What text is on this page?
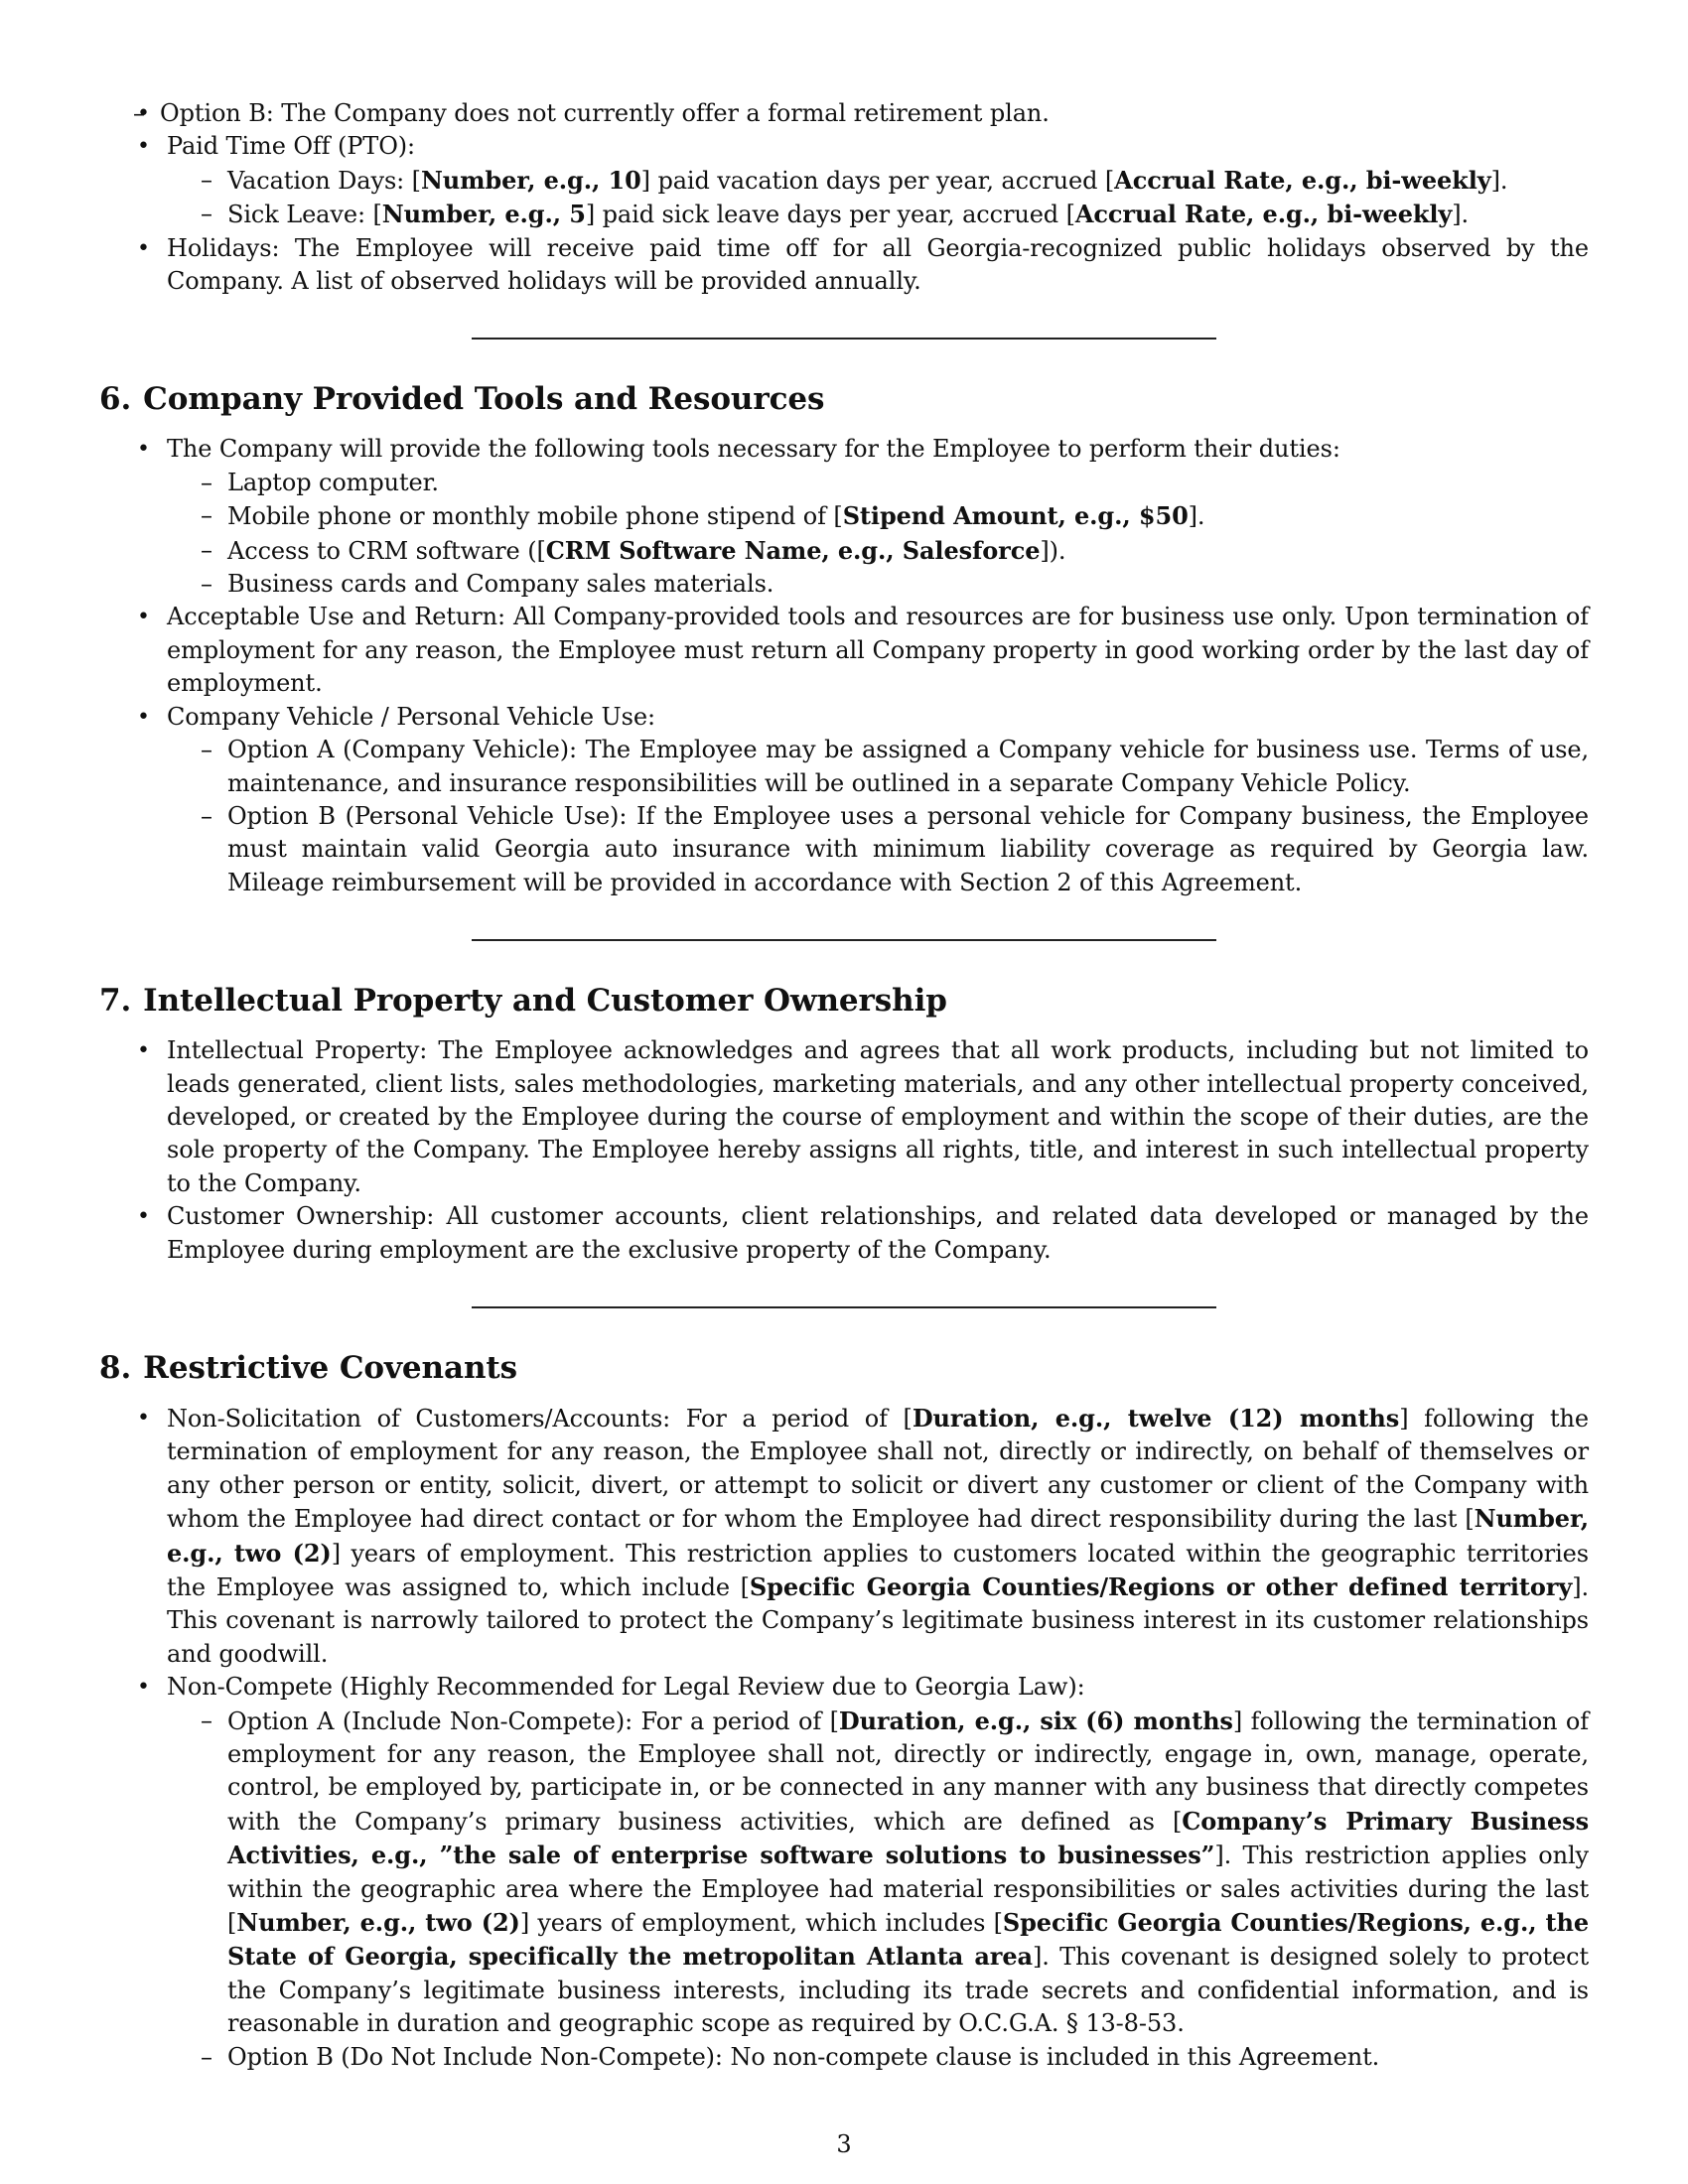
– • Option B: The Company does not currently offer a formal retirement plan.
• Paid Time Off (PTO):
– Vacation Days: [Number, e.g., 10] paid vacation days per year, accrued [Accrual Rate, e.g., bi-weekly].
– Sick Leave: [Number, e.g., 5] paid sick leave days per year, accrued [Accrual Rate, e.g., bi-weekly].
• Holidays: The Employee will receive paid time off for all Georgia-recognized public holidays observed by the Company. A list of observed holidays will be provided annually.
6. Company Provided Tools and Resources
• The Company will provide the following tools necessary for the Employee to perform their duties:
– Laptop computer.
– Mobile phone or monthly mobile phone stipend of [Stipend Amount, e.g., $50].
– Access to CRM software ([CRM Software Name, e.g., Salesforce]).
– Business cards and Company sales materials.
• Acceptable Use and Return: All Company-provided tools and resources are for business use only. Upon termination of employment for any reason, the Employee must return all Company property in good working order by the last day of employment.
• Company Vehicle / Personal Vehicle Use:
– Option A (Company Vehicle): The Employee may be assigned a Company vehicle for business use. Terms of use, maintenance, and insurance responsibilities will be outlined in a separate Company Vehicle Policy.
– Option B (Personal Vehicle Use): If the Employee uses a personal vehicle for Company business, the Employee must maintain valid Georgia auto insurance with minimum liability coverage as required by Georgia law. Mileage reimbursement will be provided in accordance with Section 2 of this Agreement.
7. Intellectual Property and Customer Ownership
• Intellectual Property: The Employee acknowledges and agrees that all work products, including but not limited to leads generated, client lists, sales methodologies, marketing materials, and any other intellectual property conceived, developed, or created by the Employee during the course of employment and within the scope of their duties, are the sole property of the Company. The Employee hereby assigns all rights, title, and interest in such intellectual property to the Company.
• Customer Ownership: All customer accounts, client relationships, and related data developed or managed by the Employee during employment are the exclusive property of the Company.
8. Restrictive Covenants
• Non-Solicitation of Customers/Accounts: For a period of [Duration, e.g., twelve (12) months] following the termination of employment for any reason, the Employee shall not, directly or indirectly, on behalf of themselves or any other person or entity, solicit, divert, or attempt to solicit or divert any customer or client of the Company with whom the Employee had direct contact or for whom the Employee had direct responsibility during the last [Number, e.g., two (2)] years of employment. This restriction applies to customers located within the geographic territories the Employee was assigned to, which include [Specific Georgia Counties/Regions or other defined territory]. This covenant is narrowly tailored to protect the Company’s legitimate business interest in its customer relationships and goodwill.
• Non-Compete (Highly Recommended for Legal Review due to Georgia Law):
– Option A (Include Non-Compete): For a period of [Duration, e.g., six (6) months] following the termination of employment for any reason, the Employee shall not, directly or indirectly, engage in, own, manage, operate, control, be employed by, participate in, or be connected in any manner with any business that directly competes with the Company’s primary business activities, which are defined as [Company’s Primary Business Activities, e.g., ”the sale of enterprise software solutions to businesses”]. This restriction applies only within the geographic area where the Employee had material responsibilities or sales activities during the last [Number, e.g., two (2)] years of employment, which includes [Specific Georgia Counties/Regions, e.g., the State of Georgia, specifically the metropolitan Atlanta area]. This covenant is designed solely to protect the Company’s legitimate business interests, including its trade secrets and confidential information, and is reasonable in duration and geographic scope as required by O.C.G.A. § 13-8-53.
– Option B (Do Not Include Non-Compete): No non-compete clause is included in this Agreement.
3
